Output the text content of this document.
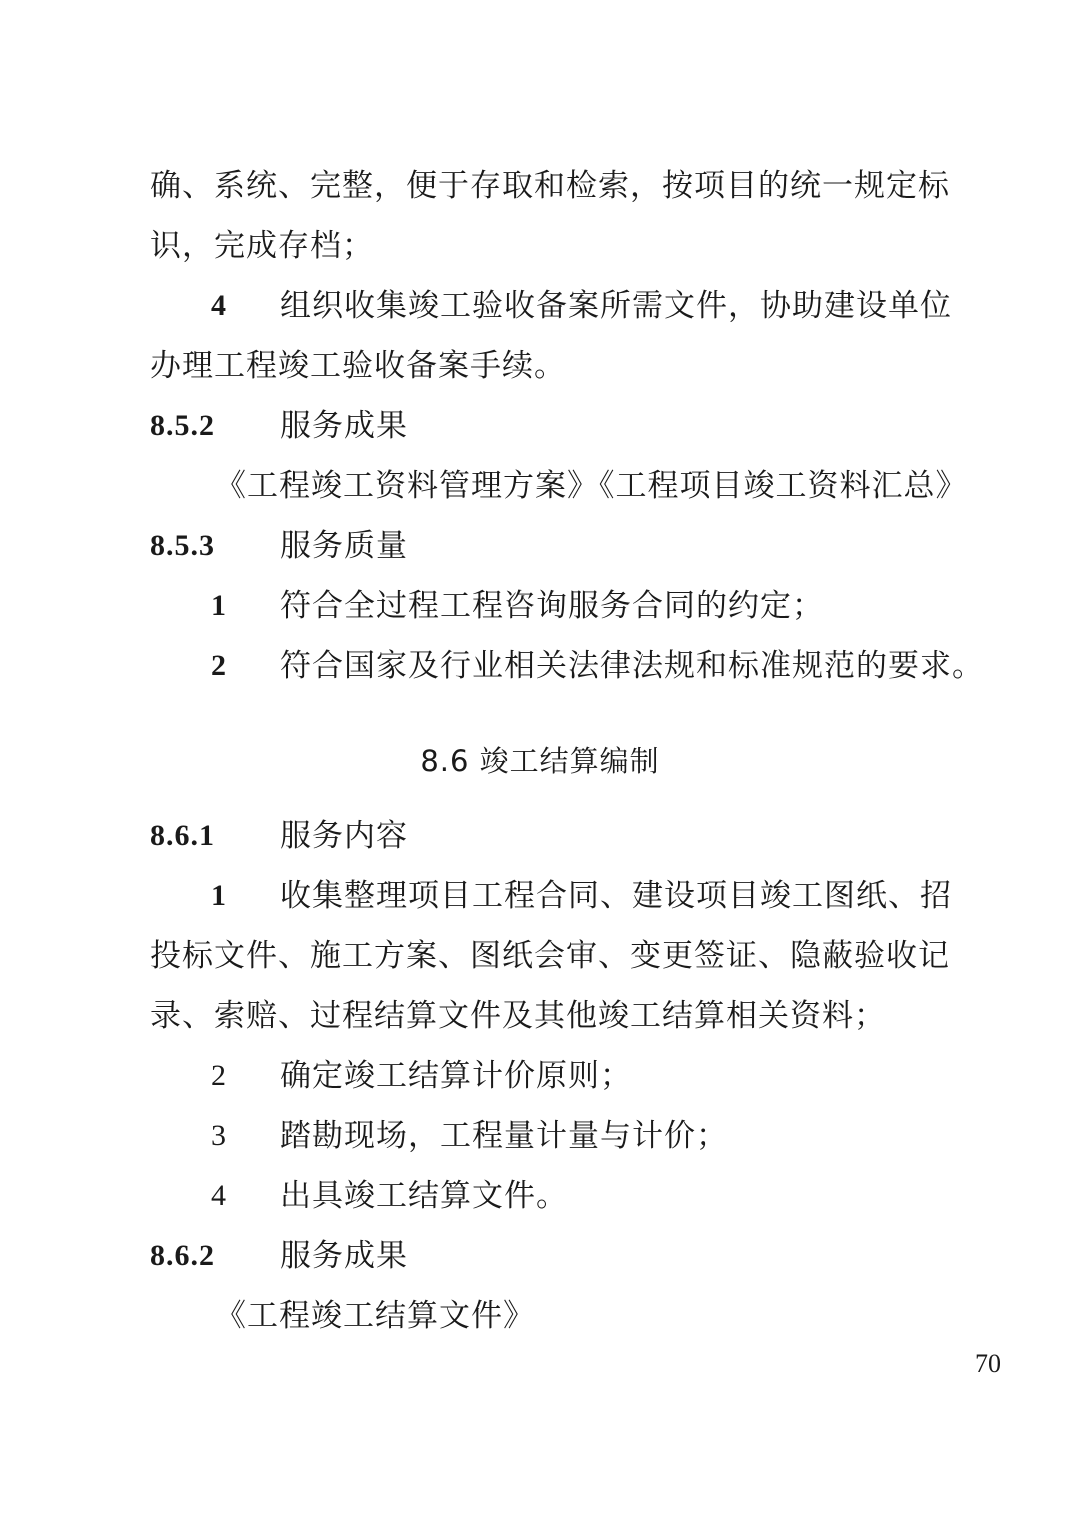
确、系统、完整，便于存取和检索，按项目的统一规定标
识，完成存档；
4 组织收集竣工验收备案所需文件，协助建设单位
办理工程竣工验收备案手续。
8.5.2 服务成果
《工程竣工资料管理方案》《工程项目竣工资料汇总》
8.5.3 服务质量
1 符合全过程工程咨询服务合同的约定；
2 符合国家及行业相关法律法规和标准规范的要求。
8.6 竣工结算编制
8.6.1 服务内容
1 收集整理项目工程合同、建设项目竣工图纸、招
投标文件、施工方案、图纸会审、变更签证、隐蔽验收记
录、索赔、过程结算文件及其他竣工结算相关资料；
2 确定竣工结算计价原则；
3 踏勘现场，工程量计量与计价；
4 出具竣工结算文件。
8.6.2 服务成果
《工程竣工结算文件》
70
